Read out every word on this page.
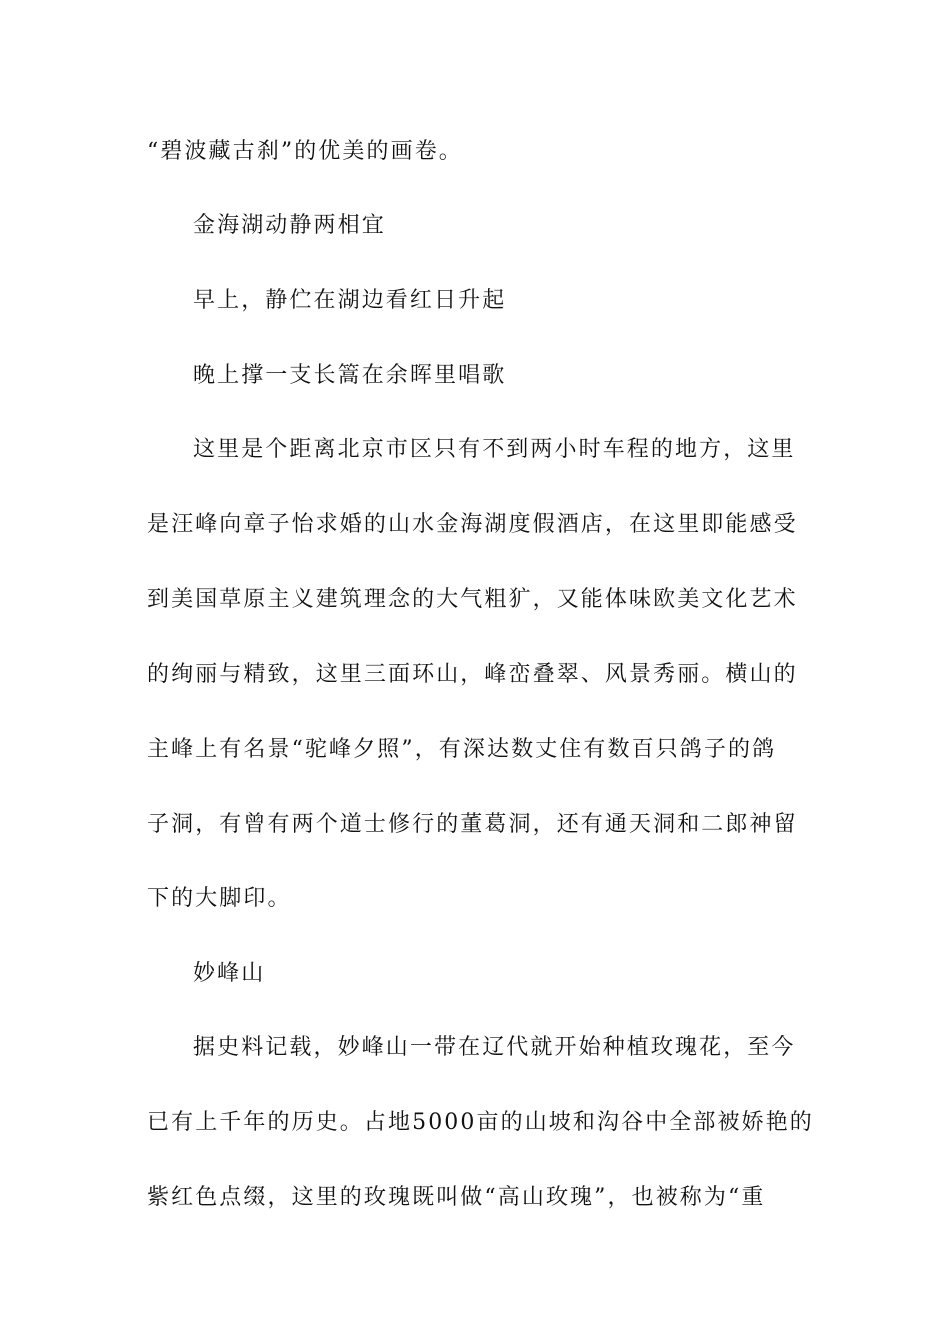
“碧波藏古刹”的优美的画卷。
金海湖动静两相宜
早上，静伫在湖边看红日升起
晚上撑一支长篙在余晖里唱歌
这里是个距离北京市区只有不到两小时车程的地方，这里
是汪峰向章子怡求婚的山水金海湖度假酒店，在这里即能感受
到美国草原主义建筑理念的大气粗犷，又能体味欧美文化艺术
的绚丽与精致，这里三面环山，峰峦叠翠、风景秀丽。横山的
主峰上有名景“驼峰夕照”，有深达数丈住有数百只鸽子的鸽
子洞，有曾有两个道士修行的董葛洞，还有通天洞和二郎神留
下的大脚印。
妙峰山
据史料记载，妙峰山一带在辽代就开始种植玫瑰花，至今
已有上千年的历史。占地5000亩的山坡和沟谷中全部被娇艳的
紫红色点缀，这里的玫瑰既叫做“高山玫瑰”，也被称为“重
